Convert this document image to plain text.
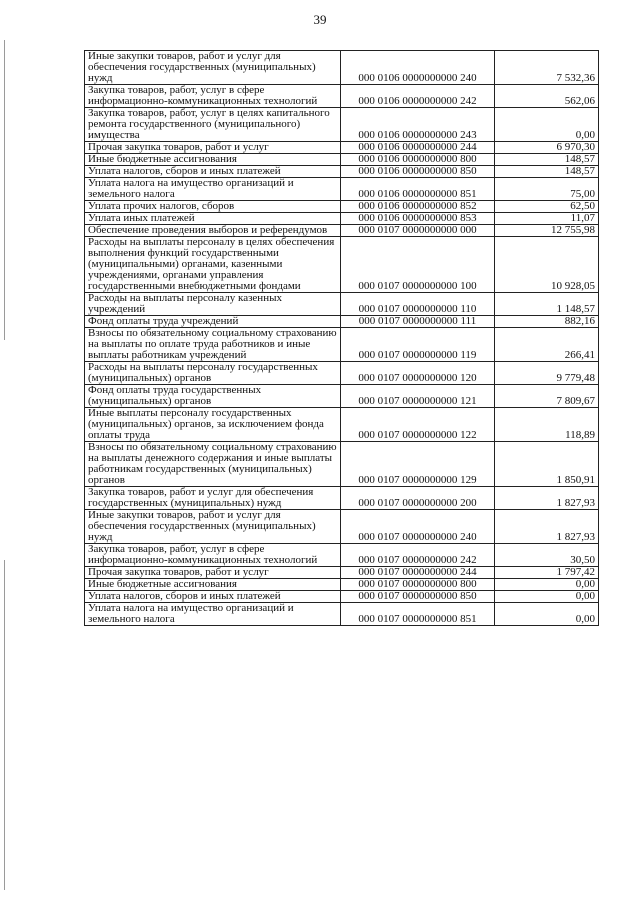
39
Иные закупки товаров, работ и услуг для обеспечения государственных (муниципальных) нужд	000 0106 0000000000 240	7 532,36
Закупка товаров, работ, услуг в сфере информационно-коммуникационных технологий	000 0106 0000000000 242	562,06
Закупка товаров, работ, услуг в целях капитального ремонта государственного (муниципального) имущества	000 0106 0000000000 243	0,00
Прочая закупка товаров, работ и услуг	000 0106 0000000000 244	6 970,30
Иные бюджетные ассигнования	000 0106 0000000000 800	148,57
Уплата налогов, сборов и иных платежей	000 0106 0000000000 850	148,57
Уплата налога на имущество организаций и земельного налога	000 0106 0000000000 851	75,00
Уплата прочих налогов, сборов	000 0106 0000000000 852	62,50
Уплата иных платежей	000 0106 0000000000 853	11,07
Обеспечение проведения выборов и референдумов	000 0107 0000000000 000	12 755,98
Расходы на выплаты персоналу в целях обеспечения выполнения функций государственными (муниципальными) органами, казенными учреждениями, органами управления государственными внебюджетными фондами	000 0107 0000000000 100	10 928,05
Расходы на выплаты персоналу казенных учреждений	000 0107 0000000000 110	1 148,57
Фонд оплаты труда учреждений	000 0107 0000000000 111	882,16
Взносы по обязательному социальному страхованию на выплаты по оплате труда работников и иные выплаты работникам учреждений	000 0107 0000000000 119	266,41
Расходы на выплаты персоналу государственных (муниципальных) органов	000 0107 0000000000 120	9 779,48
Фонд оплаты труда государственных (муниципальных) органов	000 0107 0000000000 121	7 809,67
Иные выплаты персоналу государственных (муниципальных) органов, за исключением фонда оплаты труда	000 0107 0000000000 122	118,89
Взносы по обязательному социальному страхованию на выплаты денежного содержания и иные выплаты работникам государственных (муниципальных) органов	000 0107 0000000000 129	1 850,91
Закупка товаров, работ и услуг для обеспечения государственных (муниципальных) нужд	000 0107 0000000000 200	1 827,93
Иные закупки товаров, работ и услуг для обеспечения государственных (муниципальных) нужд	000 0107 0000000000 240	1 827,93
Закупка товаров, работ, услуг в сфере информационно-коммуникационных технологий	000 0107 0000000000 242	30,50
Прочая закупка товаров, работ и услуг	000 0107 0000000000 244	1 797,42
Иные бюджетные ассигнования	000 0107 0000000000 800	0,00
Уплата налогов, сборов и иных платежей	000 0107 0000000000 850	0,00
Уплата налога на имущество организаций и земельного налога	000 0107 0000000000 851	0,00
